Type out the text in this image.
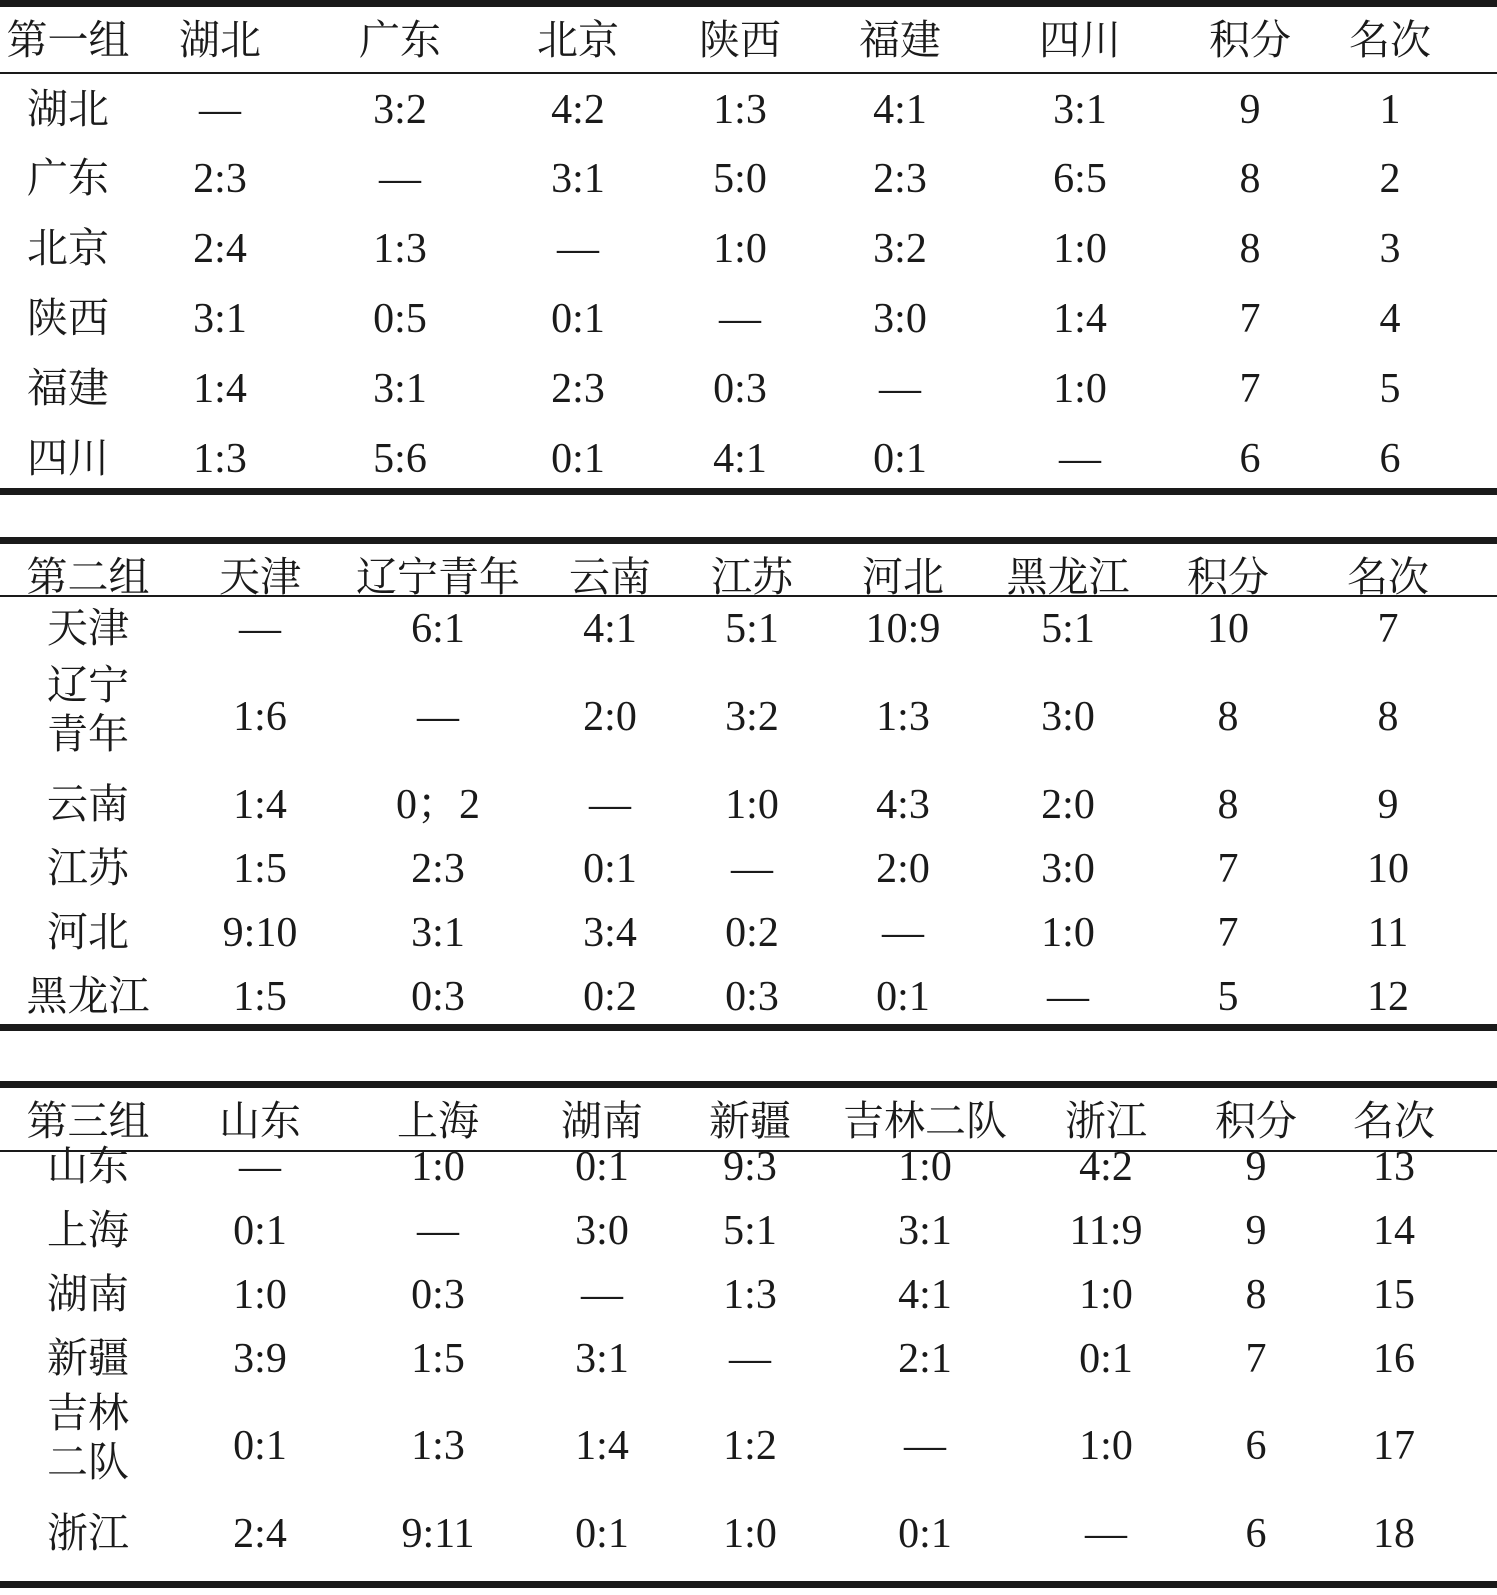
第一组 湖北 广东 北京 陕西 福建 四川 积分 名次
湖北 —	3:2	4:2	1:3	4:1	3:1	9	1
广东 2:3	—	3:1	5:0	2:3	6:5	8	2
北京 2:4	1:3	—	1:0	3:2	1:0	8	3
陕西 3:1	0:5	0:1	—	3:0	1:4	7	4
福建 1:4	3:1	2:3	0:3	—	1:0	7	5
四川 1:3	5:6	0:1	4:1	0:1	—	6	6
第二组 天津 辽宁青年 云南 江苏 河北 黑龙江 积分 名次
天津	—	6:1	4:1 5:1 10:9 5:1	10	7
辽宁青年 1:6	—	2:0 3:2 1:3	3:0	8	8
云南 1:4	0；2	— 1:0 4:3	2:0	8	9
江苏 1:5	2:3	0:1 — 2:0	3:0	7	10
河北 9:10	3:1	3:4 0:2 —	1:0	7	11
黑龙江 1:5	0:3	0:2 0:3 0:1	—	5	12
第三组 山东 上海 湖南 新疆 吉林二队 浙江 积分 名次
山东	—	1:0	0:1 9:3	1:0	4:2	9	13
上海 0:1	—	3:0 5:1	3:1	11:9 9	14
湖南 1:0	0:3	— 1:3	4:1	1:0	8	15
新疆 3:9	1:5	3:1 —	2:1	0:1	7	16
吉林二队 0:1	1:3	1:4 1:2	—	1:0	6	17
浙江 2:4	9:11 0:1 1:0	0:1	—	6	18
